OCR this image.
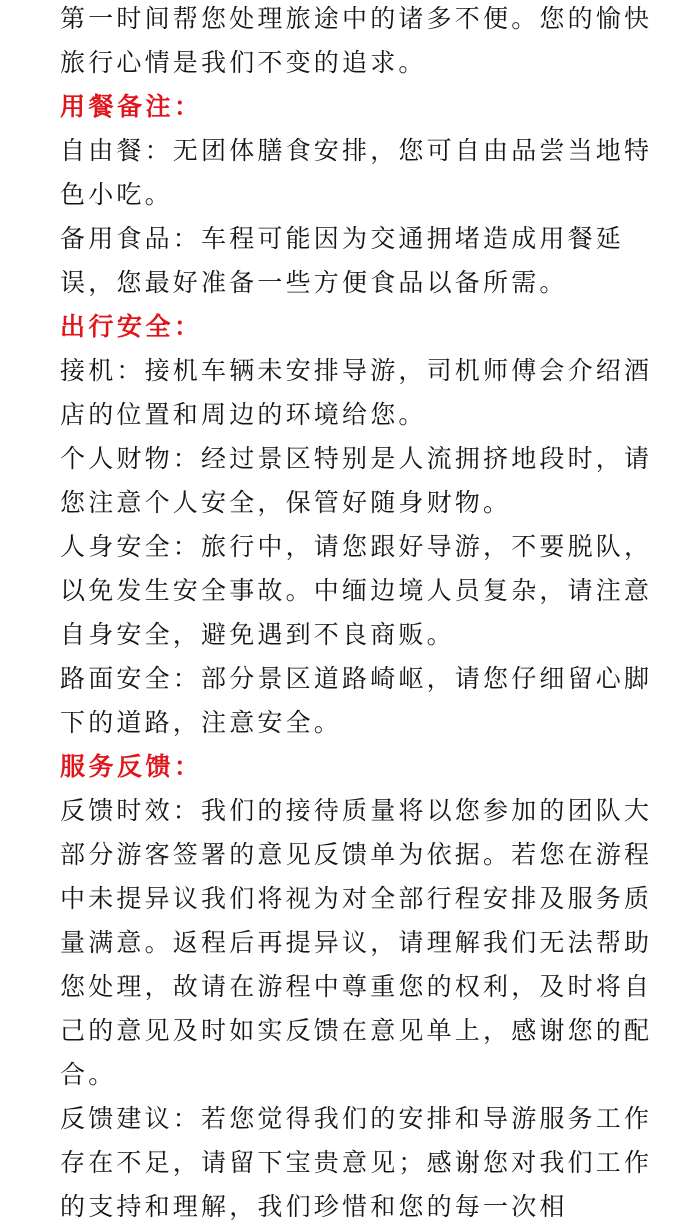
第一时间帮您处理旅途中的诸多不便。您的愉快旅行心情是我们不变的追求。

用餐备注：

自由餐：无团体膳食安排，您可自由品尝当地特色小吃。

备用食品：车程可能因为交通拥堵造成用餐延误，您最好准备一些方便食品以备所需。

出行安全：

接机：接机车辆未安排导游，司机师傅会介绍酒店的位置和周边的环境给您。

个人财物：经过景区特别是人流拥挤地段时，请您注意个人安全，保管好随身财物。

人身安全：旅行中，请您跟好导游，不要脱队，以免发生安全事故。中缅边境人员复杂，请注意自身安全，避免遇到不良商贩。

路面安全：部分景区道路崎岖，请您仔细留心脚下的道路，注意安全。

服务反馈：

反馈时效：我们的接待质量将以您参加的团队大部分游客签署的意见反馈单为依据。若您在游程中未提异议我们将视为对全部行程安排及服务质量满意。返程后再提异议，请理解我们无法帮助您处理，故请在游程中尊重您的权利，及时将自己的意见及时如实反馈在意见单上，感谢您的配合。

反馈建议：若您觉得我们的安排和导游服务工作存在不足，请留下宝贵意见；感谢您对我们工作的支持和理解，我们珍惜和您的每一次相
